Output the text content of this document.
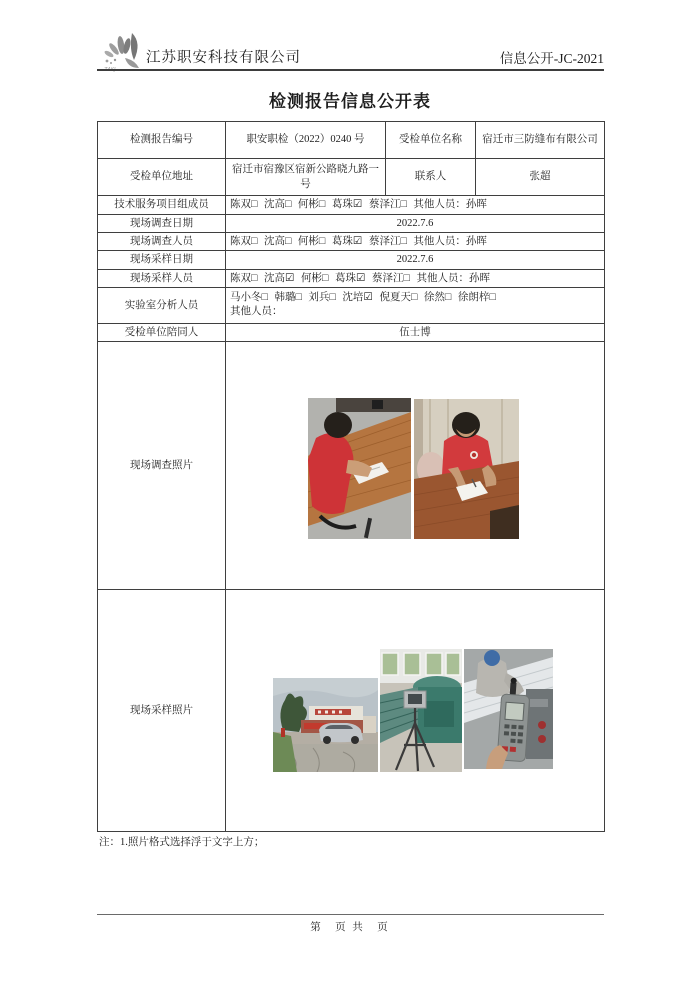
江苏职安科技有限公司	信息公开-JC-2021
检测报告信息公开表
检测报告编号	职安职检（2022）0240 号	受检单位名称	宿迁市三防缝布有限公司
受检单位地址	宿迁市宿豫区宿新公路晓九路一号	联系人	张超
技术服务项目组成员	陈双□ 沈高□ 何彬□ 葛珠☑ 蔡泽江□ 其他人员：孙晖		
现场调查日期	2022.7.6		
现场调查人员	陈双□ 沈高□ 何彬□ 葛珠☑ 蔡泽江□ 其他人员：孙晖		
现场采样日期	2022.7.6		
现场采样人员	陈双□ 沈高☑ 何彬□ 葛珠☑ 蔡泽江□ 其他人员：孙晖		
实验室分析人员	马小冬□ 韩璐□ 刘兵□ 沈培☑ 倪夏天□ 徐然□ 徐朗梓□
其他人员：		

受检单位陪同人	伍士博		
现场调查照片	

现场采样照片	
注：1.照片格式选择浮于文字上方；
第　页 共　页
